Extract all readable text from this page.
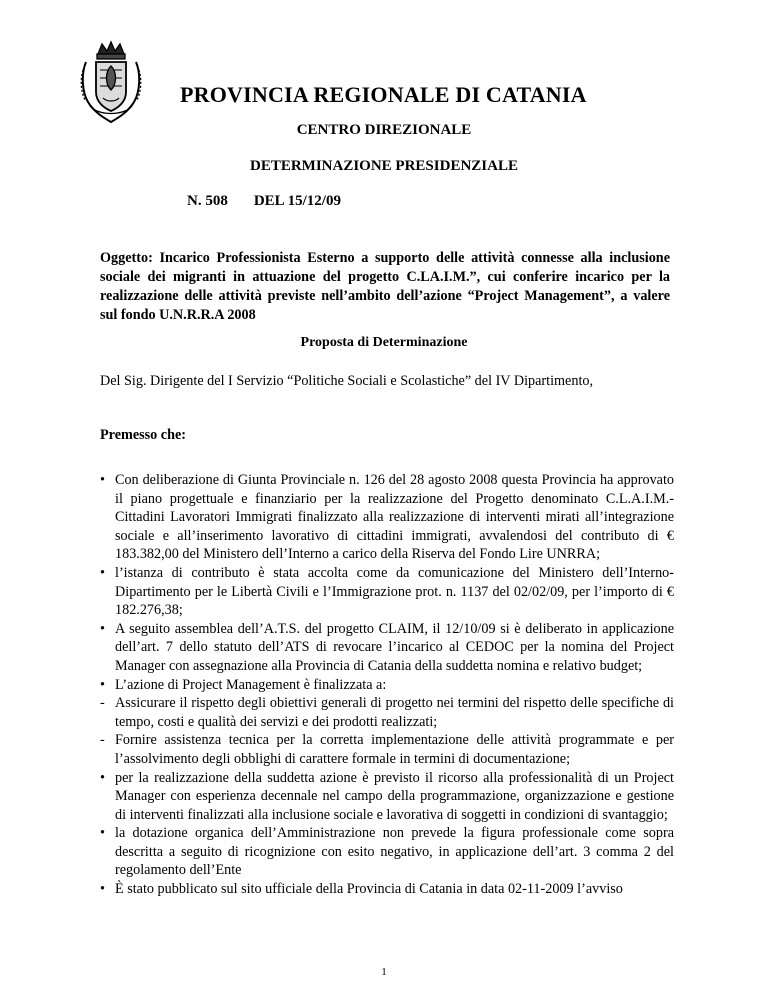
PROVINCIA REGIONALE DI CATANIA
CENTRO DIREZIONALE
DETERMINAZIONE PRESIDENZIALE
N. 508 DEL 15/12/09
Oggetto: Incarico Professionista Esterno a supporto delle attività connesse alla inclusione sociale dei migranti in attuazione del progetto C.LA.I.M.”, cui conferire incarico per la realizzazione delle attività previste nell’ambito dell’azione “Project Management”, a valere sul fondo U.N.R.R.A 2008
Proposta di Determinazione
Del Sig. Dirigente del I Servizio “Politiche Sociali e Scolastiche” del IV Dipartimento,
Premesso che:
• Con deliberazione di Giunta Provinciale n. 126 del 28 agosto 2008 questa Provincia ha approvato il piano progettuale e finanziario per la realizzazione del Progetto denominato C.L.A.I.M.- Cittadini Lavoratori Immigrati finalizzato alla realizzazione di interventi mirati all’integrazione sociale e all’inserimento lavorativo di cittadini immigrati, avvalendosi del contributo di € 183.382,00 del Ministero dell’Interno a carico della Riserva del Fondo Lire UNRRA;
• l’istanza di contributo è stata accolta come da comunicazione del Ministero dell’Interno-Dipartimento per le Libertà Civili e l’Immigrazione prot. n. 1137 del 02/02/09, per l’importo di € 182.276,38;
• A seguito assemblea dell’A.T.S. del progetto CLAIM, il 12/10/09 si è deliberato in applicazione dell’art. 7 dello statuto dell’ATS di revocare l’incarico al CEDOC per la nomina del Project Manager con assegnazione alla Provincia di Catania della suddetta nomina e relativo budget;
• L’azione di Project Management è finalizzata a:
- Assicurare il rispetto degli obiettivi generali di progetto nei termini del rispetto delle specifiche di tempo, costi e qualità dei servizi e dei prodotti realizzati;
- Fornire assistenza tecnica per la corretta implementazione delle attività programmate e per l’assolvimento degli obblighi di carattere formale in termini di documentazione;
• per la realizzazione della suddetta azione è previsto il ricorso alla professionalità di un Project Manager con esperienza decennale nel campo della programmazione, organizzazione e gestione di interventi finalizzati alla inclusione sociale e lavorativa di soggetti in condizioni di svantaggio;
• la dotazione organica dell’Amministrazione non prevede la figura professionale come sopra descritta a seguito di ricognizione con esito negativo, in applicazione dell’art. 3 comma 2 del regolamento dell’Ente
• È stato pubblicato sul sito ufficiale della Provincia di Catania in data 02-11-2009 l’avviso
1
